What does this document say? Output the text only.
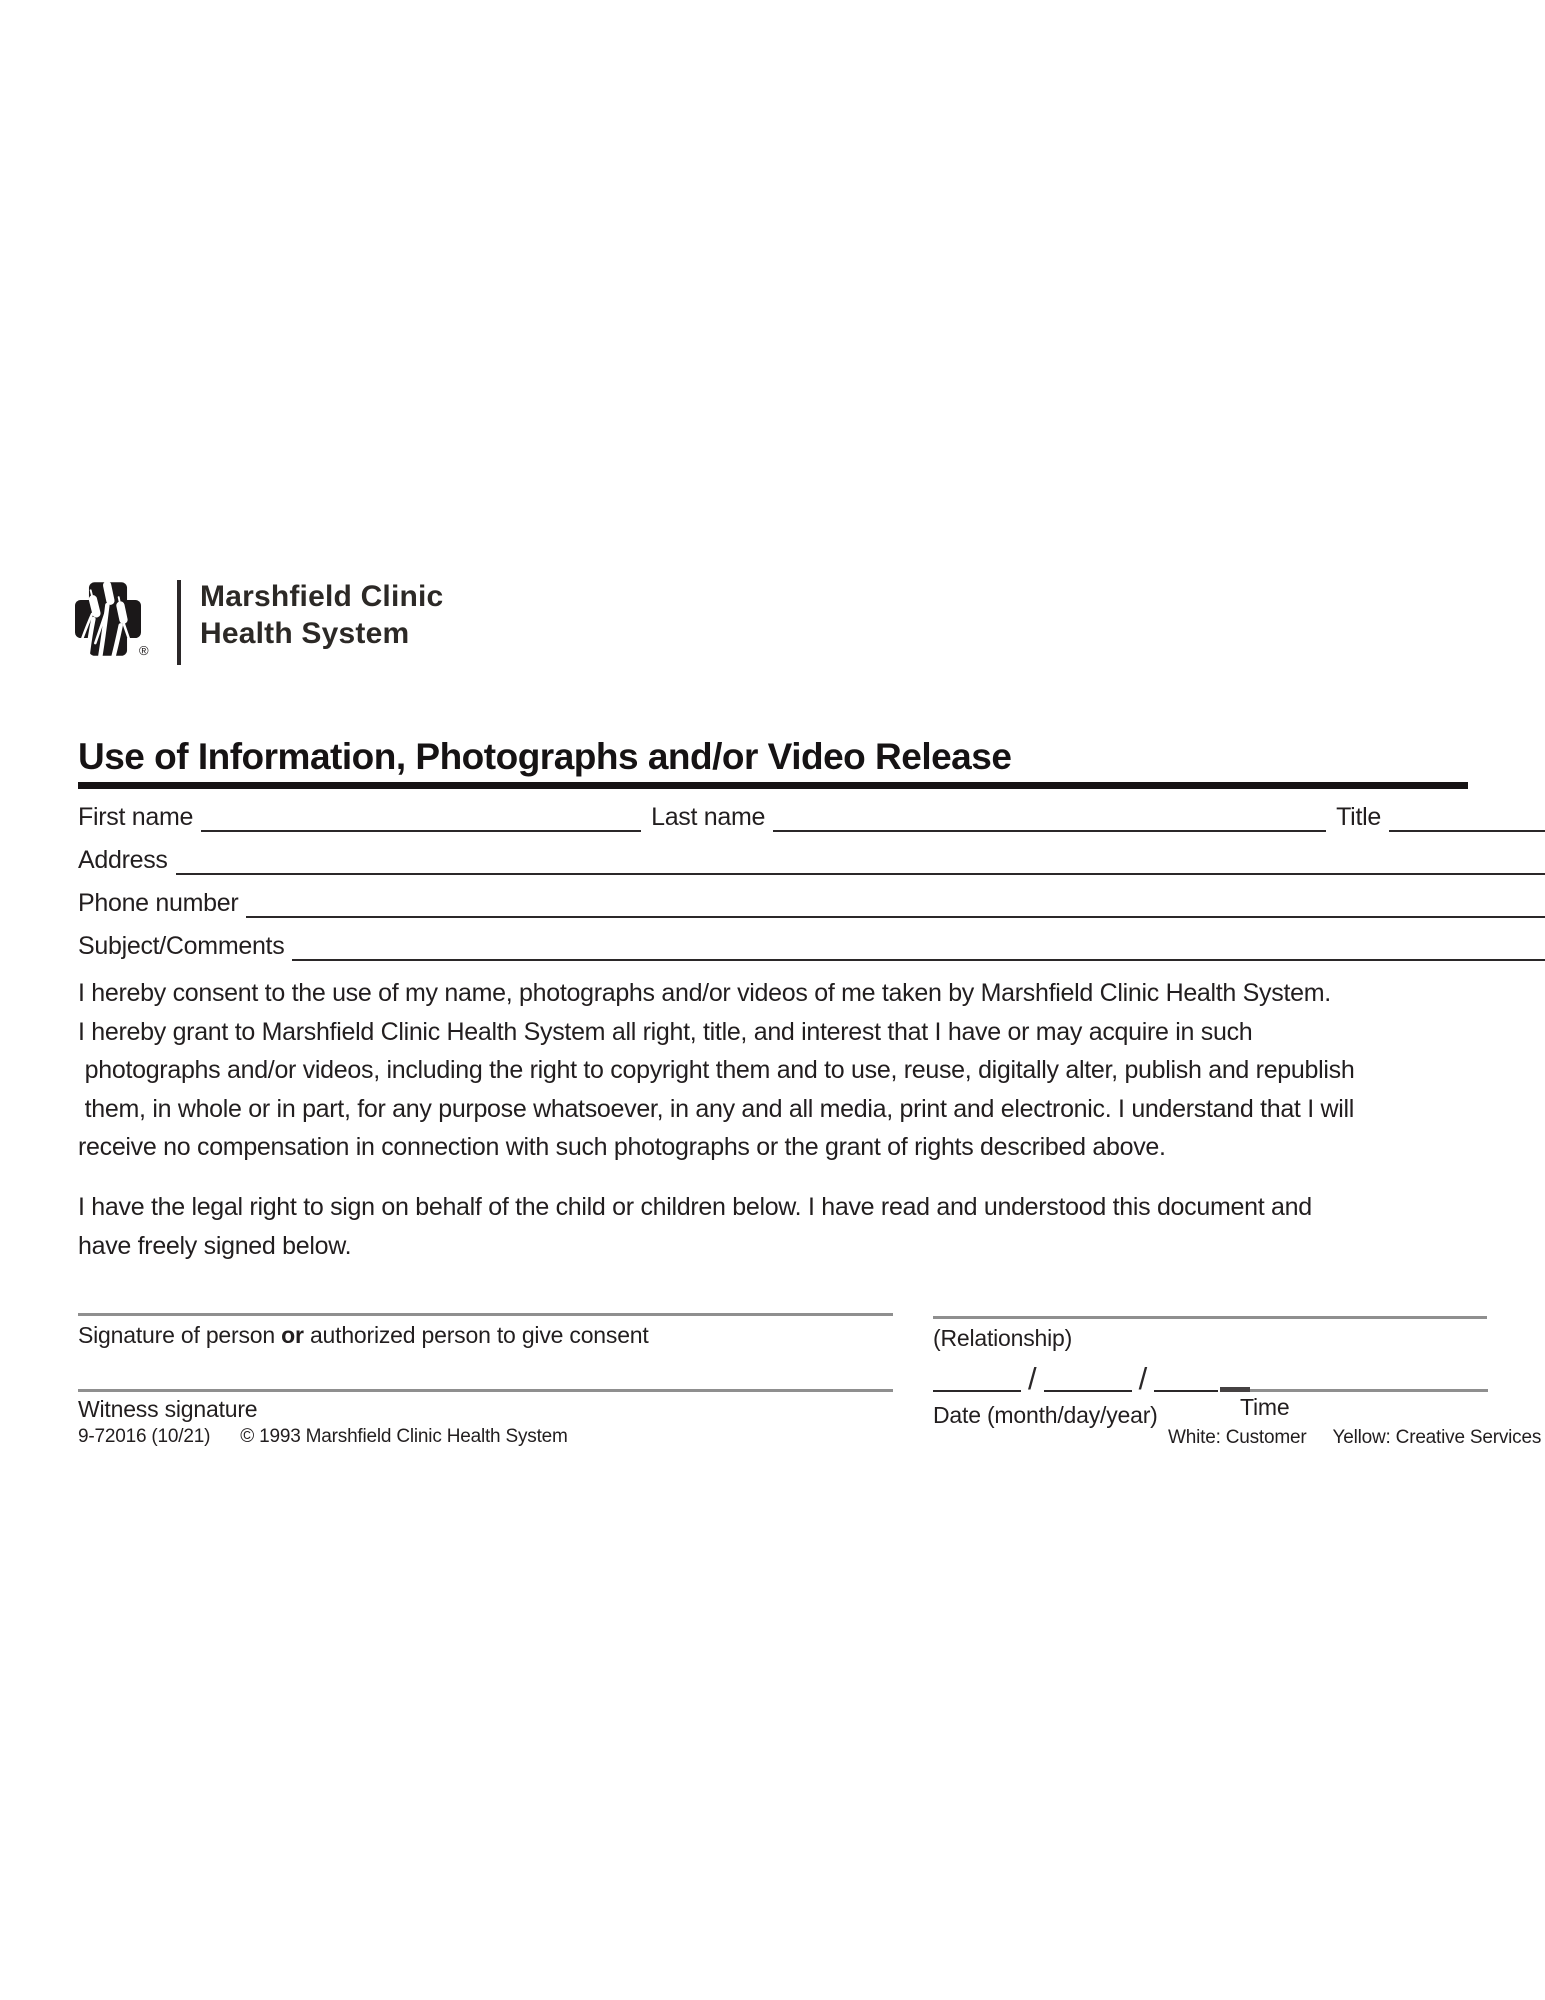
®
Marshfield Clinic
Health System
Use of Information, Photographs and/or Video Release
First name	Last name	Title
Address
Phone number
Subject/Comments
I hereby consent to the use of my name, photographs and/or videos of me taken by Marshfield Clinic Health System.
I hereby grant to Marshfield Clinic Health System all right, title, and interest that I have or may acquire in such
photographs and/or videos, including the right to copyright them and to use, reuse, digitally alter, publish and republish
them, in whole or in part, for any purpose whatsoever, in any and all media, print and electronic. I understand that I will
receive no compensation in connection with such photographs or the grant of rights described above.
I have the legal right to sign on behalf of the child or children below. I have read and understood this document and
have freely signed below.
Signature of person or authorized person to give consent	(Relationship)
Witness signature
9-72016 (10/21) © 1993 Marshfield Clinic Health System
/	/
Date (month/day/year)	Time
White: Customer Yellow: Creative Services
